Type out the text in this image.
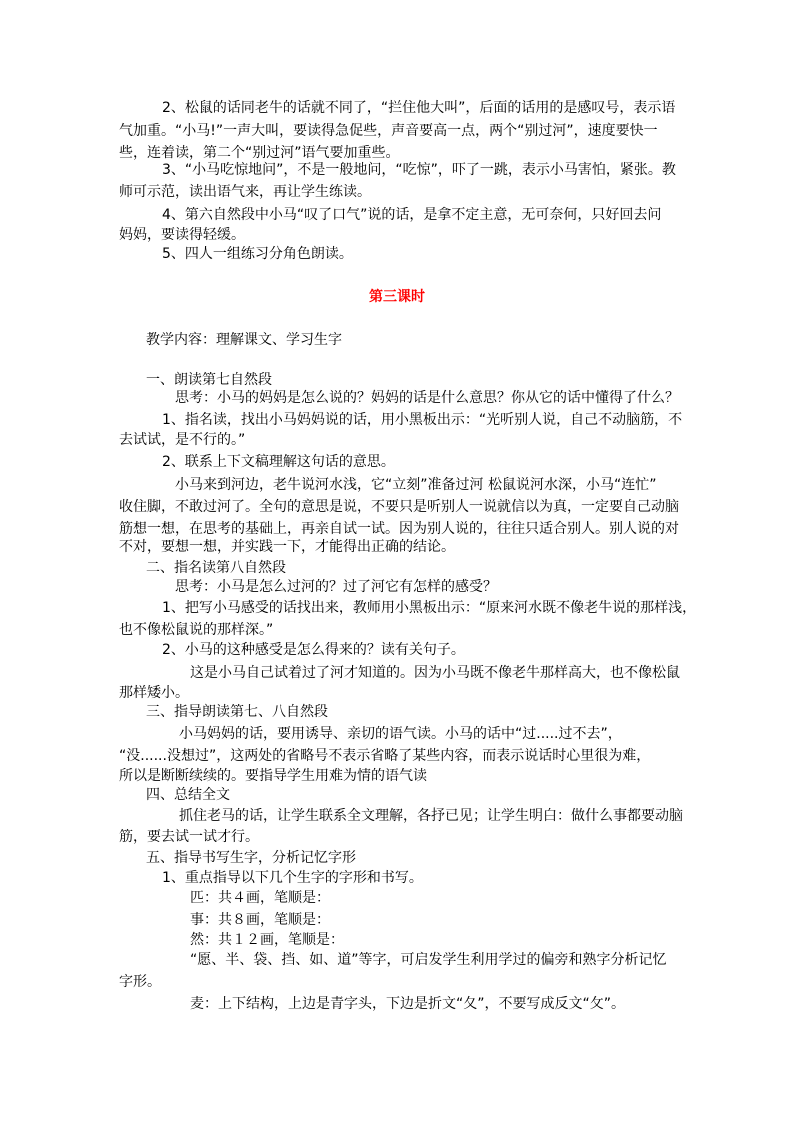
2、松鼠的话同老牛的话就不同了，“拦住他大叫”，后面的话用的是感叹号，表示语
气加重。“小马!”一声大叫，要读得急促些，声音要高一点，两个“别过河”，速度要快一
些，连着读，第二个“别过河”语气要加重些。
3、“小马吃惊地问”，不是一般地问，“吃惊”，吓了一跳，表示小马害怕，紧张。教
师可示范，读出语气来，再让学生练读。
4、第六自然段中小马“叹了口气”说的话，是拿不定主意，无可奈何，只好回去问
妈妈，要读得轻缓。
5、四人一组练习分角色朗读。
第三课时
教学内容：理解课文、学习生字
一、朗读第七自然段
思考：小马的妈妈是怎么说的？妈妈的话是什么意思？你从它的话中懂得了什么？
1、指名读，找出小马妈妈说的话，用小黑板出示：“光听别人说，自己不动脑筋，不
去试试，是不行的。”
2、联系上下文稿理解这句话的意思。
小马来到河边，老牛说河水浅，它“立刻”准备过河 松鼠说河水深，小马“连忙”
收住脚，不敢过河了。全句的意思是说，不要只是听别人一说就信以为真，一定要自己动脑
筋想一想，在思考的基础上，再亲自试一试。因为别人说的，往往只适合别人。别人说的对
不对，要想一想，并实践一下，才能得出正确的结论。
二、指名读第八自然段
思考：小马是怎么过河的？过了河它有怎样的感受？
1、把写小马感受的话找出来，教师用小黑板出示：“原来河水既不像老牛说的那样浅，
也不像松鼠说的那样深。”
2、小马的这种感受是怎么得来的？读有关句子。
这是小马自己试着过了河才知道的。因为小马既不像老牛那样高大，也不像松鼠
那样矮小。
三、指导朗读第七、八自然段
小马妈妈的话，要用诱导、亲切的语气读。小马的话中“过.....过不去”，
“没......没想过”，这两处的省略号不表示省略了某些内容，而表示说话时心里很为难，
所以是断断续续的。要指导学生用难为情的语气读
四、总结全文
抓住老马的话，让学生联系全文理解，各抒已见；让学生明白：做什么事都要动脑
筋，要去试一试才行。
五、指导书写生字，分析记忆字形
1、重点指导以下几个生字的字形和书写。
匹：共４画，笔顺是：
事：共８画，笔顺是：
然：共１２画，笔顺是：
“愿、半、袋、挡、如、道”等字，可启发学生利用学过的偏旁和熟字分析记忆
字形。
麦：上下结构，上边是青字头，下边是折文“夂”，不要写成反文“攵”。
